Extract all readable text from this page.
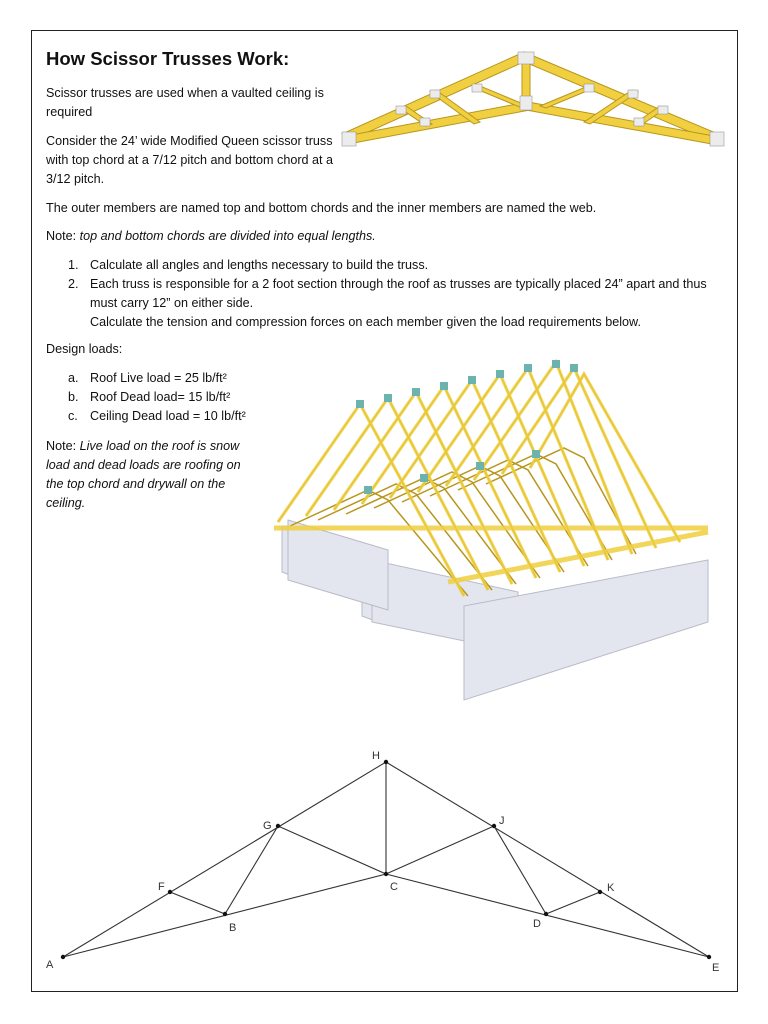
How Scissor Trusses Work:

Scissor trusses are used when a vaulted ceiling is required

Consider the 24’ wide Modified Queen scissor truss with top chord at a 7/12 pitch and bottom chord at a 3/12 pitch.

The outer members are named top and bottom chords and the inner members are named the web.

Note: top and bottom chords are divided into equal lengths.

1. Calculate all angles and lengths necessary to build the truss.
2. Each truss is responsible for a 2 foot section through the roof as trusses are typically placed 24” apart and thus must carry 12” on either side.
Calculate the tension and compression forces on each member given the load requirements below.

Design loads:

a. Roof Live load = 25 lb/ft²
b. Roof Dead load= 15 lb/ft²
c. Ceiling Dead load = 10 lb/ft²

Note: Live load on the roof is snow load and dead loads are roofing on the top chord and drywall on the ceiling.

A
B
C
D
E
F
G
H
J
K
